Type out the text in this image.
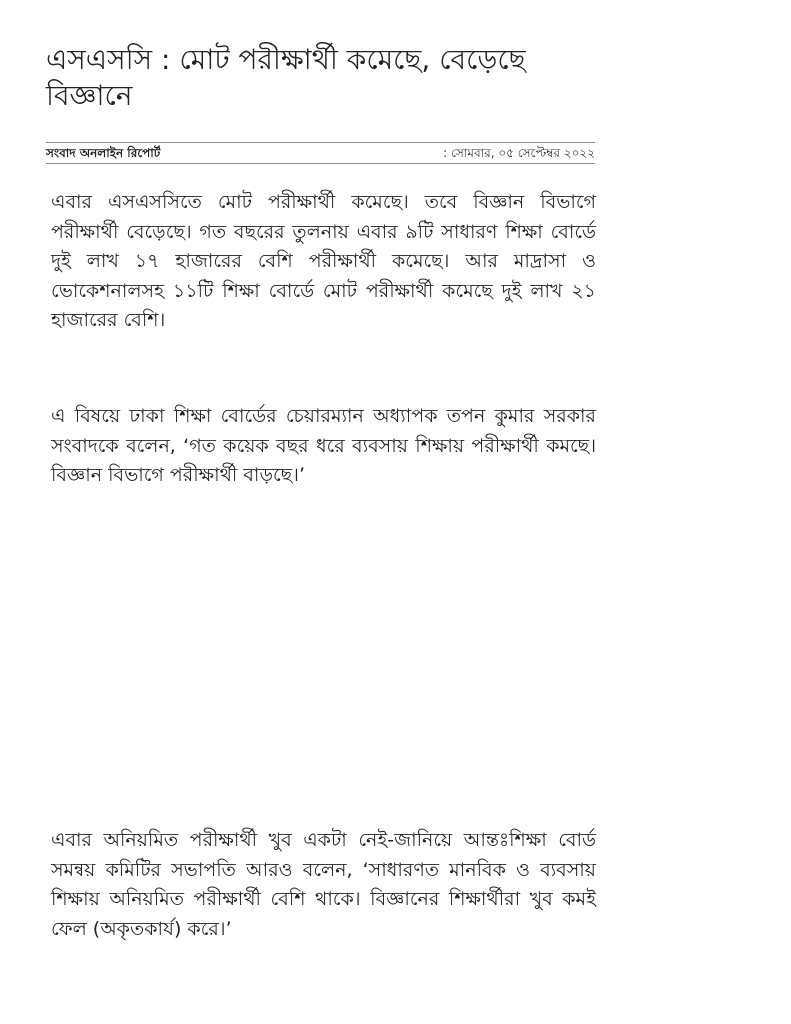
এসএসসি : মোট পরীক্ষার্থী কমেছে, বেড়েছে বিজ্ঞানে
সংবাদ অনলাইন রিপোর্ট	: সোমবার, ০৫ সেপ্টেম্বর ২০২২

এবার এসএসসিতে মোট পরীক্ষার্থী কমেছে। তবে বিজ্ঞান বিভাগে পরীক্ষার্থী বেড়েছে। গত বছরের তুলনায় এবার ৯টি সাধারণ শিক্ষা বোর্ডে দুই লাখ ১৭ হাজারের বেশি পরীক্ষার্থী কমেছে। আর মাদ্রাসা ও ভোকেশনালসহ ১১টি শিক্ষা বোর্ডে মোট পরীক্ষার্থী কমেছে দুই লাখ ২১ হাজারের বেশি।

এ বিষয়ে ঢাকা শিক্ষা বোর্ডের চেয়ারম্যান অধ্যাপক তপন কুমার সরকার সংবাদকে বলেন, ‘গত কয়েক বছর ধরে ব্যবসায় শিক্ষায় পরীক্ষার্থী কমছে। বিজ্ঞান বিভাগে পরীক্ষার্থী বাড়ছে।’

এবার অনিয়মিত পরীক্ষার্থী খুব একটা নেই-জানিয়ে আন্তঃশিক্ষা বোর্ড সমন্বয় কমিটির সভাপতি আরও বলেন, ‘সাধারণত মানবিক ও ব্যবসায় শিক্ষায় অনিয়মিত পরীক্ষার্থী বেশি থাকে। বিজ্ঞানের শিক্ষার্থীরা খুব কমই ফেল (অকৃতকার্য) করে।’
